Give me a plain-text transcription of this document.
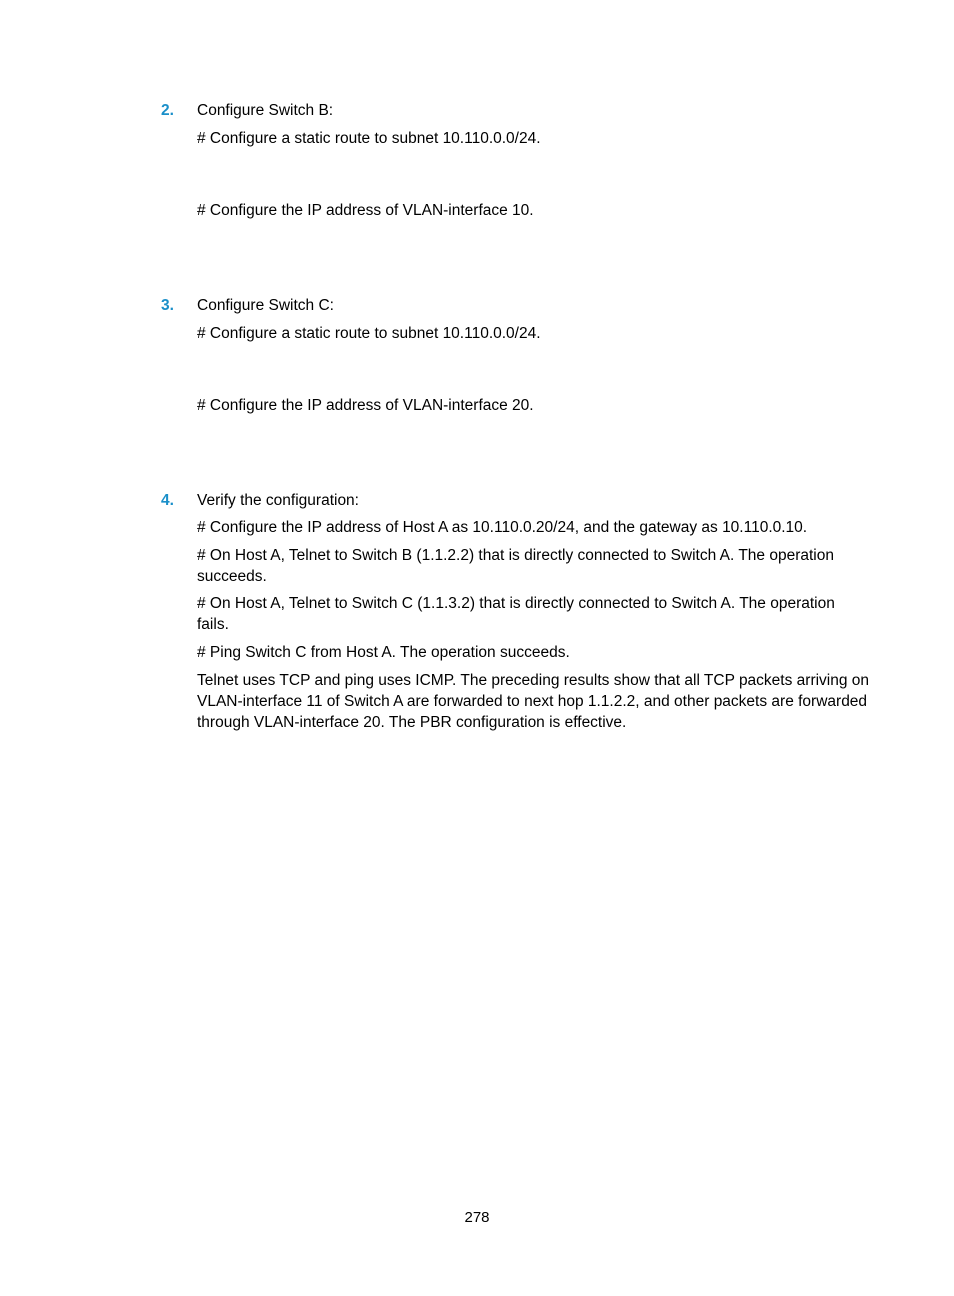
2. Configure Switch B:
# Configure a static route to subnet 10.110.0.0/24.
# Configure the IP address of VLAN-interface 10.
3. Configure Switch C:
# Configure a static route to subnet 10.110.0.0/24.
# Configure the IP address of VLAN-interface 20.
4. Verify the configuration:
# Configure the IP address of Host A as 10.110.0.20/24, and the gateway as 10.110.0.10.
# On Host A, Telnet to Switch B (1.1.2.2) that is directly connected to Switch A. The operation succeeds.
# On Host A, Telnet to Switch C (1.1.3.2) that is directly connected to Switch A. The operation fails.
# Ping Switch C from Host A. The operation succeeds.
Telnet uses TCP and ping uses ICMP. The preceding results show that all TCP packets arriving on VLAN-interface 11 of Switch A are forwarded to next hop 1.1.2.2, and other packets are forwarded through VLAN-interface 20. The PBR configuration is effective.
278
